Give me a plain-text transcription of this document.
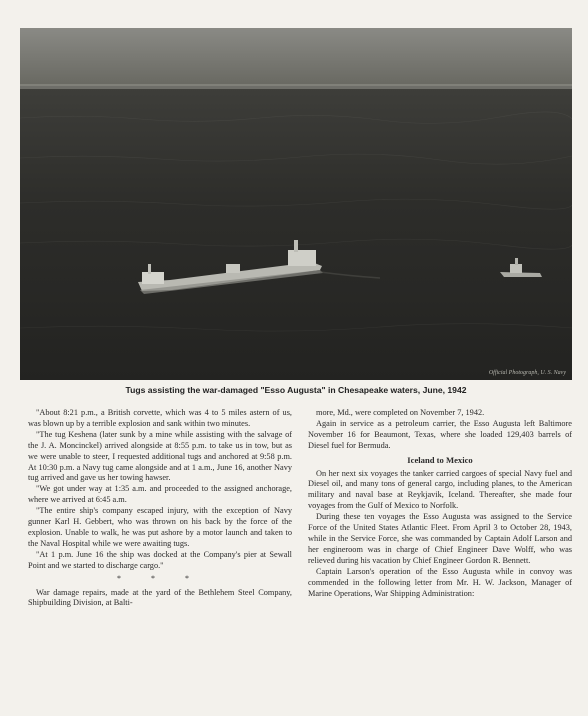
Official Photograph, U. S. Navy
Tugs assisting the war-damaged "Esso Augusta" in Chesapeake waters, June, 1942

"About 8:21 p.m., a British corvette, which was 4 to 5 miles astern of us, was blown up by a terrible explosion and sank within two minutes.

"The tug Keshena (later sunk by a mine while assisting with the salvage of the J. A. Moncinckel) arrived alongside at 8:55 p.m. to take us in tow, but as we were unable to steer, I requested additional tugs and anchored at 9:58 p.m. At 10:30 p.m. a Navy tug came alongside and at 1 a.m., June 16, another Navy tug arrived and gave us her towing hawser.

"We got under way at 1:35 a.m. and proceeded to the assigned anchorage, where we arrived at 6:45 a.m.

"The entire ship's company escaped injury, with the exception of Navy gunner Karl H. Gebbert, who was thrown on his back by the force of the explosion. Unable to walk, he was put ashore by a motor launch and taken to the Naval Hospital while we were awaiting tugs.

"At 1 p.m. June 16 the ship was docked at the Company's pier at Sewall Point and we started to discharge cargo."

* * *

War damage repairs, made at the yard of the Bethlehem Steel Company, Shipbuilding Division, at Balti-

more, Md., were completed on November 7, 1942.

Again in service as a petroleum carrier, the Esso Augusta left Baltimore November 16 for Beaumont, Texas, where she loaded 129,403 barrels of Diesel fuel for Bermuda.

Iceland to Mexico

On her next six voyages the tanker carried cargoes of special Navy fuel and Diesel oil, and many tons of general cargo, including planes, to the American military and naval base at Reykjavik, Iceland. Thereafter, she made four voyages from the Gulf of Mexico to Norfolk.

During these ten voyages the Esso Augusta was assigned to the Service Force of the United States Atlantic Fleet. From April 3 to October 28, 1943, while in the Service Force, she was commanded by Captain Adolf Larson and her engineroom was in charge of Chief Engineer Dave Wolff, who was relieved during his vacation by Chief Engineer Gordon R. Bennett.

Captain Larson's operation of the Esso Augusta while in convoy was commended in the following letter from Mr. H. W. Jackson, Manager of Marine Operations, War Shipping Administration:
